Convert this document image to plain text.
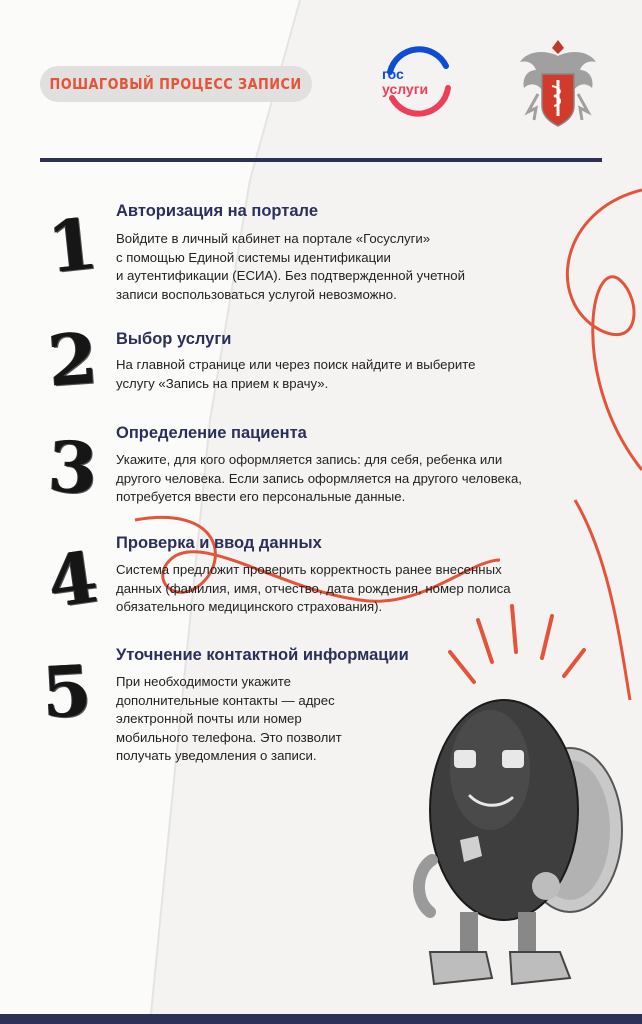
ПОШАГОВЫЙ ПРОЦЕСС ЗАПИСИ
гос
услуги
1 Авторизация на портале
Войдите в личный кабинет на портале «Госуслуги»
с помощью Единой системы идентификации
и аутентификации (ЕСИА). Без подтвержденной учетной
записи воспользоваться услугой невозможно.
2 Выбор услуги
На главной странице или через поиск найдите и выберите
услугу «Запись на прием к врачу».
3 Определение пациента
Укажите, для кого оформляется запись: для себя, ребенка или
другого человека. Если запись оформляется на другого человека,
потребуется ввести его персональные данные.
4 Проверка и ввод данных
Система предложит проверить корректность ранее внесенных
данных (фамилия, имя, отчество, дата рождения, номер полиса
обязательного медицинского страхования).
5	Уточнение контактной информации
При необходимости укажите
дополнительные контакты — адрес
электронной почты или номер
мобильного телефона. Это позволит
получать уведомления о записи.
